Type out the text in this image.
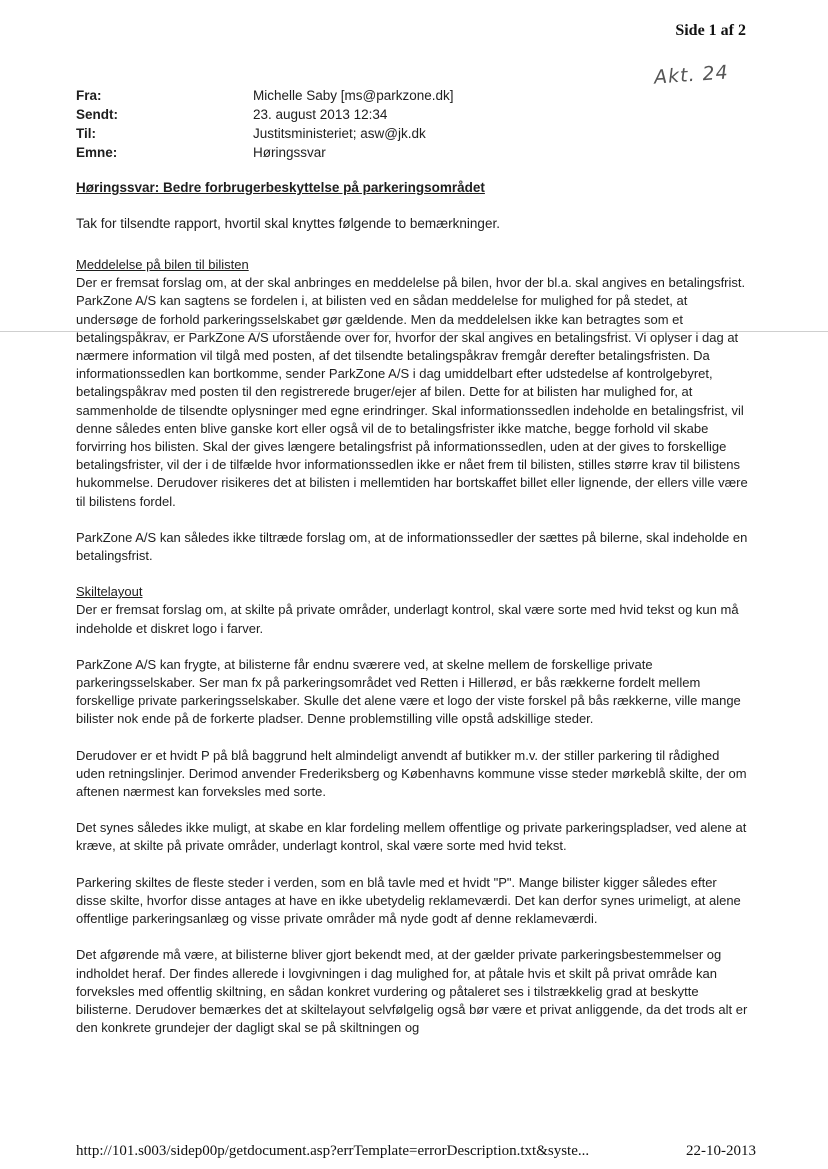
Side 1 af 2
Akt. 24
Fra:	Michelle Saby [ms@parkzone.dk]
Sendt:	23. august 2013 12:34
Til:	Justitsministeriet; asw@jk.dk
Emne:	Høringssvar
Høringssvar: Bedre forbrugerbeskyttelse på parkeringsområdet
Tak for tilsendte rapport, hvortil skal knyttes følgende to bemærkninger.

Meddelelse på bilen til bilisten

Der er fremsat forslag om, at der skal anbringes en meddelelse på bilen, hvor der bl.a. skal angives en betalingsfrist. ParkZone A/S kan sagtens se fordelen i, at bilisten ved en sådan meddelelse for mulighed for på stedet, at undersøge de forhold parkeringsselskabet gør gældende. Men da meddelelsen ikke kan betragtes som et betalingspåkrav, er ParkZone A/S uforstående over for, hvorfor der skal angives en betalingsfrist. Vi oplyser i dag at nærmere information vil tilgå med posten, af det tilsendte betalingspåkrav fremgår derefter betalingsfristen. Da informationssedlen kan bortkomme, sender ParkZone A/S i dag umiddelbart efter udstedelse af kontrolgebyret, betalingspåkrav med posten til den registrerede bruger/ejer af bilen. Dette for at bilisten har mulighed for, at sammenholde de tilsendte oplysninger med egne erindringer. Skal informationssedlen indeholde en betalingsfrist, vil denne således enten blive ganske kort eller også vil de to betalingsfrister ikke matche, begge forhold vil skabe forvirring hos bilisten. Skal der gives længere betalingsfrist på informationssedlen, uden at der gives to forskellige betalingsfrister, vil der i de tilfælde hvor informationssedlen ikke er nået frem til bilisten, stilles større krav til bilistens hukommelse. Derudover risikeres det at bilisten i mellemtiden har bortskaffet billet eller lignende, der ellers ville være til bilistens fordel.

ParkZone A/S kan således ikke tiltræde forslag om, at de informationssedler der sættes på bilerne, skal indeholde en betalingsfrist.

Skiltelayout

Der er fremsat forslag om, at skilte på private områder, underlagt kontrol, skal være sorte med hvid tekst og kun må indeholde et diskret logo i farver.

ParkZone A/S kan frygte, at bilisterne får endnu sværere ved, at skelne mellem de forskellige private parkeringsselskaber. Ser man fx på parkeringsområdet ved Retten i Hillerød, er bås rækkerne fordelt mellem forskellige private parkeringsselskaber. Skulle det alene være et logo der viste forskel på bås rækkerne, ville mange bilister nok ende på de forkerte pladser. Denne problemstilling ville opstå adskillige steder.

Derudover er et hvidt P på blå baggrund helt almindeligt anvendt af butikker m.v. der stiller parkering til rådighed uden retningslinjer. Derimod anvender Frederiksberg og Københavns kommune visse steder mørkeblå skilte, der om aftenen nærmest kan forveksles med sorte.

Det synes således ikke muligt, at skabe en klar fordeling mellem offentlige og private parkeringspladser, ved alene at kræve, at skilte på private områder, underlagt kontrol, skal være sorte med hvid tekst.

Parkering skiltes de fleste steder i verden, som en blå tavle med et hvidt "P". Mange bilister kigger således efter disse skilte, hvorfor disse antages at have en ikke ubetydelig reklameværdi. Det kan derfor synes urimeligt, at alene offentlige parkeringsanlæg og visse private områder må nyde godt af denne reklameværdi.

Det afgørende må være, at bilisterne bliver gjort bekendt med, at der gælder private parkeringsbestemmelser og indholdet heraf. Der findes allerede i lovgivningen i dag mulighed for, at påtale hvis et skilt på privat område kan forveksles med offentlig skiltning, en sådan konkret vurdering og påtaleret ses i tilstrækkelig grad at beskytte bilisterne. Derudover bemærkes det at skiltelayout selvfølgelig også bør være et privat anliggende, da det trods alt er den konkrete grundejer der dagligt skal se på skiltningen og

http://101.s003/sidep00p/getdocument.asp?errTemplate=errorDescription.txt&syste...	22-10-2013
